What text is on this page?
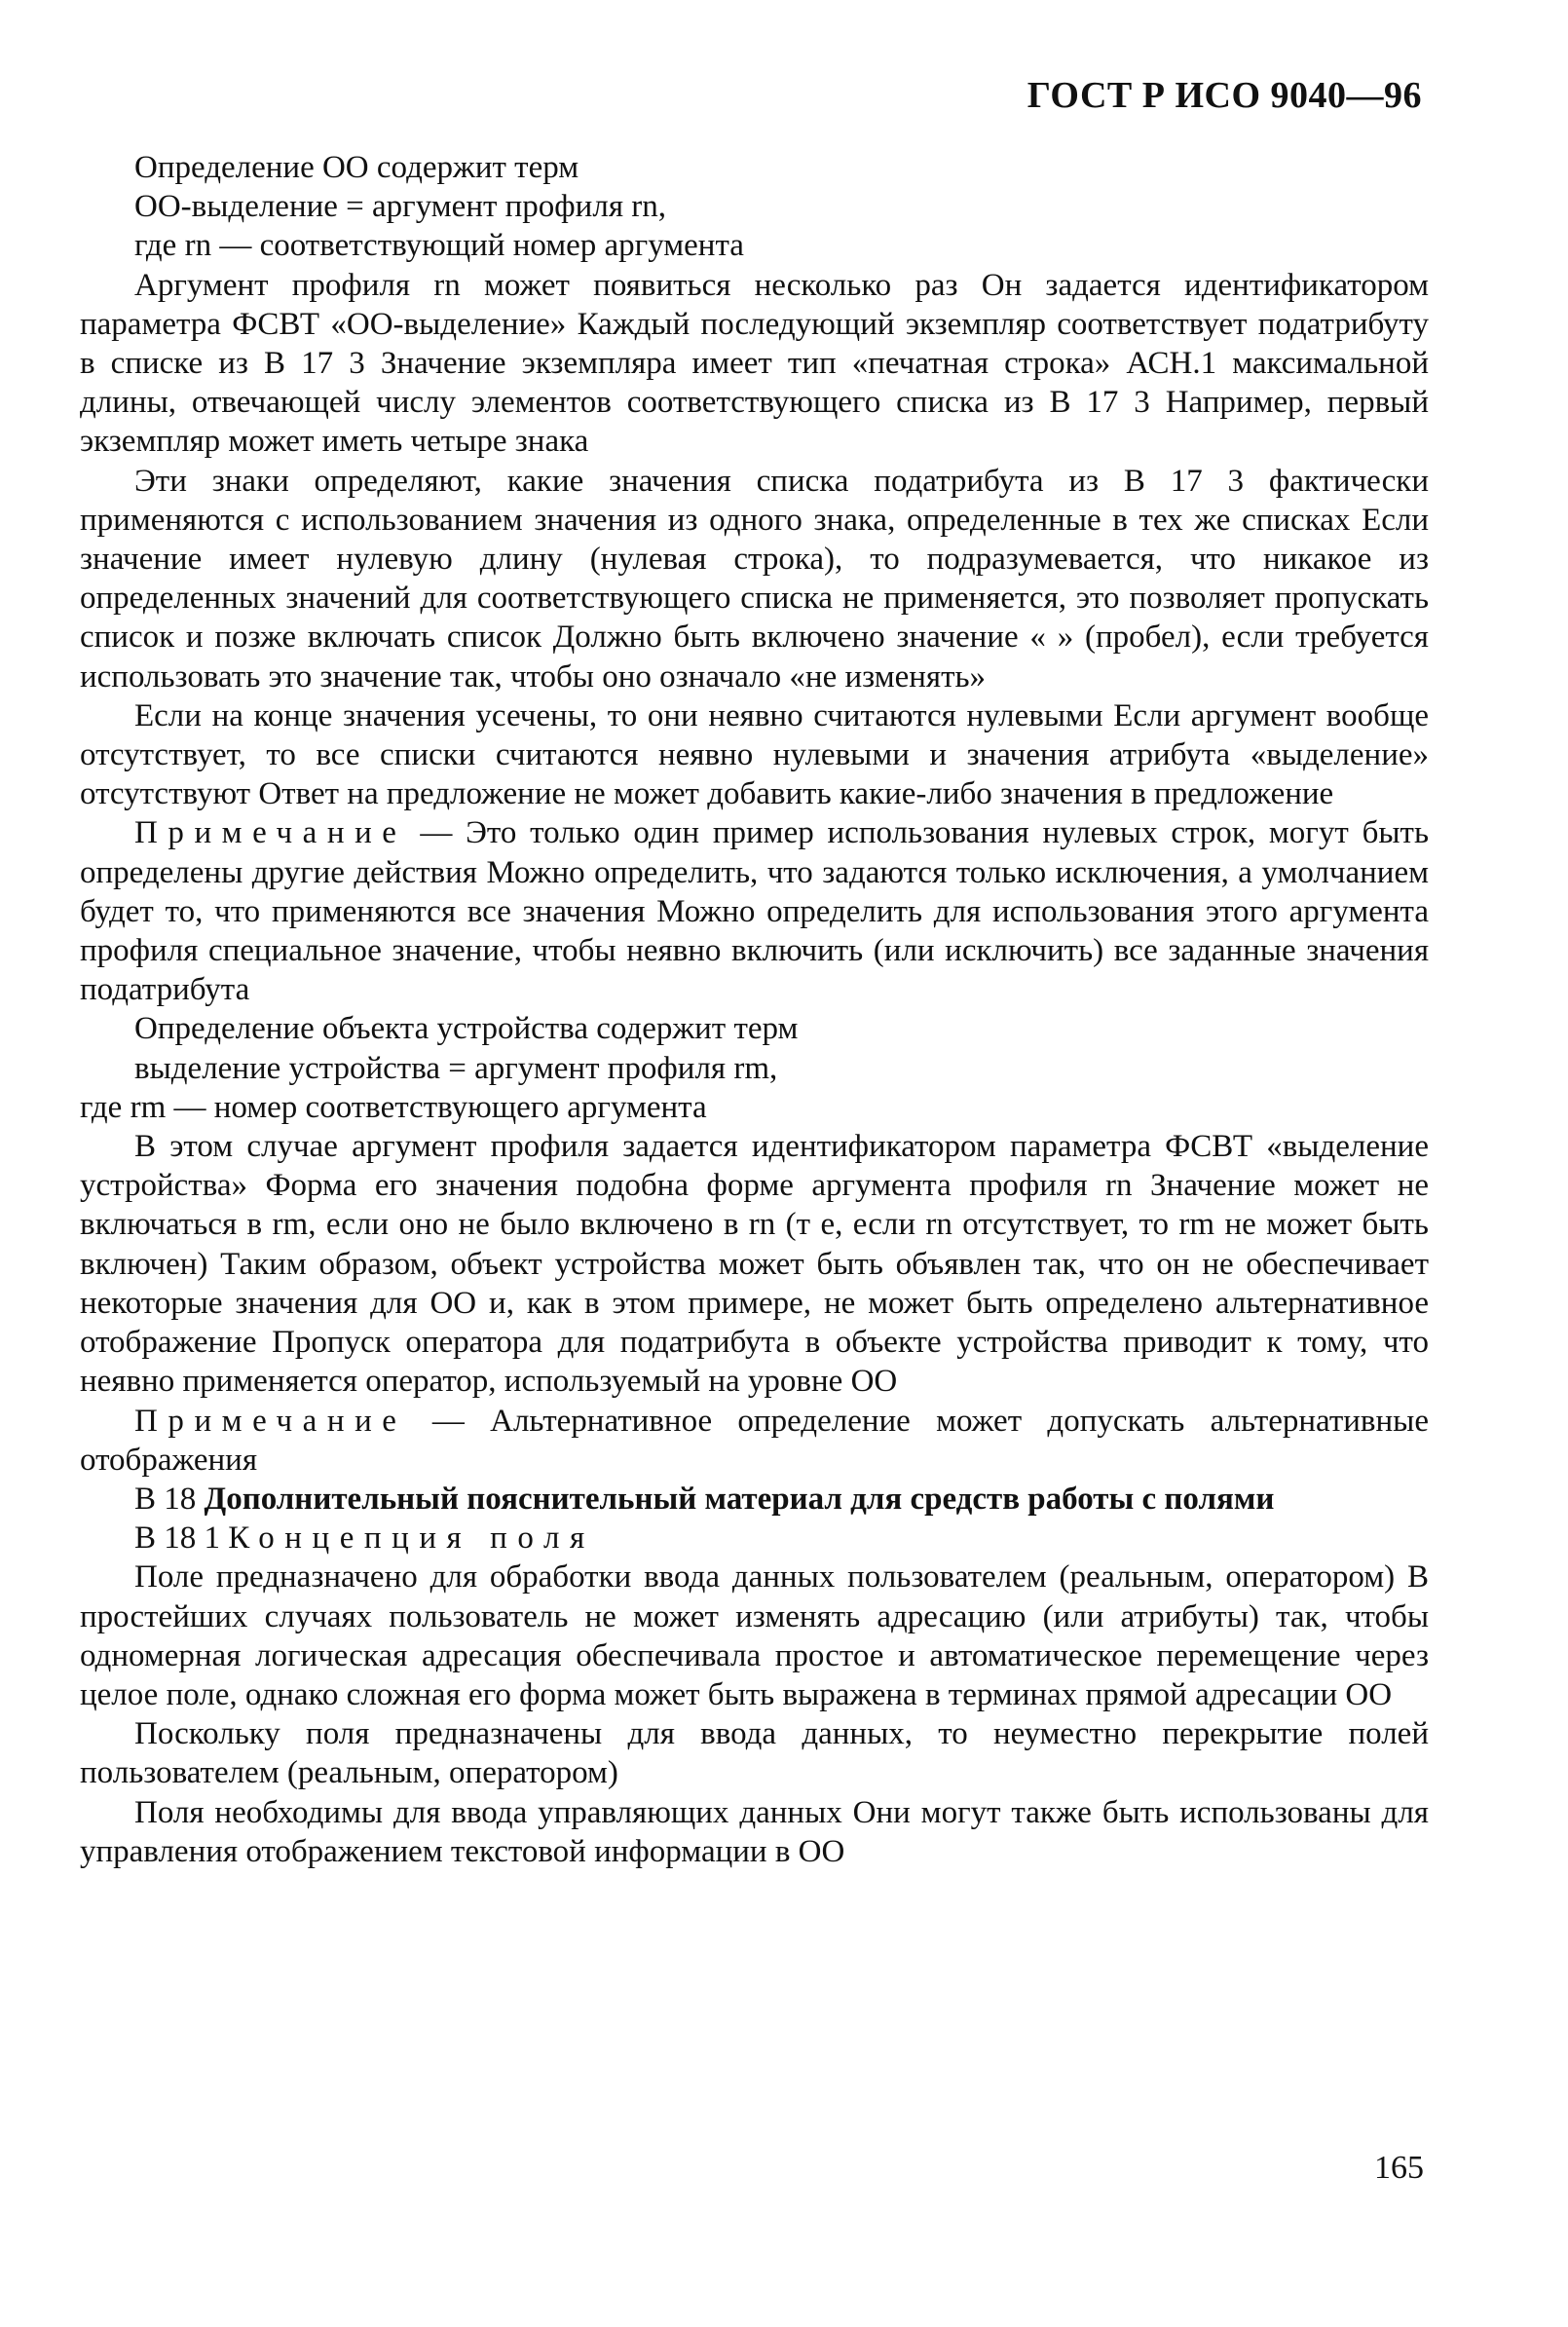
ГОСТ Р ИСО 9040—96

Определение ОО содержит терм

ОО-выделение = аргумент профиля rn,

где rn — соответствующий номер аргумента

Аргумент профиля rn может появиться несколько раз Он задается идентификатором параметра ФСВТ «ОО-выделение» Каждый последующий экземпляр соответствует податрибуту в списке из В 17 3 Значение экземпляра имеет тип «печатная строка» АСН.1 максимальной длины, отвечающей числу элементов соответствующего списка из В 17 3 Например, первый экземпляр может иметь четыре знака

Эти знаки определяют, какие значения списка податрибута из В 17 3 фактически применяются с использованием значения из одного знака, определенные в тех же списках Если значение имеет нулевую длину (нулевая строка), то подразумевается, что никакое из определенных значений для соответствующего списка не применяется, это позволяет пропускать список и позже включать список Должно быть включено значение « » (пробел), если требуется использовать это значение так, чтобы оно означало «не изменять»

Если на конце значения усечены, то они неявно считаются нулевыми Если аргумент вообще отсутствует, то все списки считаются неявно нулевыми и значения атрибута «выделение» отсутствуют Ответ на предложение не может добавить какие-либо значения в предложение

Примечание — Это только один пример использования нулевых строк, могут быть определены другие действия Можно определить, что задаются только исключения, а умолчанием будет то, что применяются все значения Можно определить для использования этого аргумента профиля специальное значение, чтобы неявно включить (или исключить) все заданные значения податрибута

Определение объекта устройства содержит терм

выделение устройства = аргумент профиля rm,

где rm — номер соответствующего аргумента

В этом случае аргумент профиля задается идентификатором параметра ФСВТ «выделение устройства» Форма его значения подобна форме аргумента профиля rn Значение может не включаться в rm, если оно не было включено в rn (т е, если rn отсутствует, то rm не может быть включен) Таким образом, объект устройства может быть объявлен так, что он не обеспечивает некоторые значения для ОО и, как в этом примере, не может быть определено альтернативное отображение Пропуск оператора для податрибута в объекте устройства приводит к тому, что неявно применяется оператор, используемый на уровне ОО

Примечание — Альтернативное определение может допускать альтернативные отображения

В 18 Дополнительный пояснительный материал для средств работы с полями

В 18 1 Концепция поля

Поле предназначено для обработки ввода данных пользователем (реальным, оператором) В простейших случаях пользователь не может изменять адресацию (или атрибуты) так, чтобы одномерная логическая адресация обеспечивала простое и автоматическое перемещение через целое поле, однако сложная его форма может быть выражена в терминах прямой адресации ОО

Поскольку поля предназначены для ввода данных, то неуместно перекрытие полей пользователем (реальным, оператором)

Поля необходимы для ввода управляющих данных Они могут также быть использованы для управления отображением текстовой информации в ОО

165
